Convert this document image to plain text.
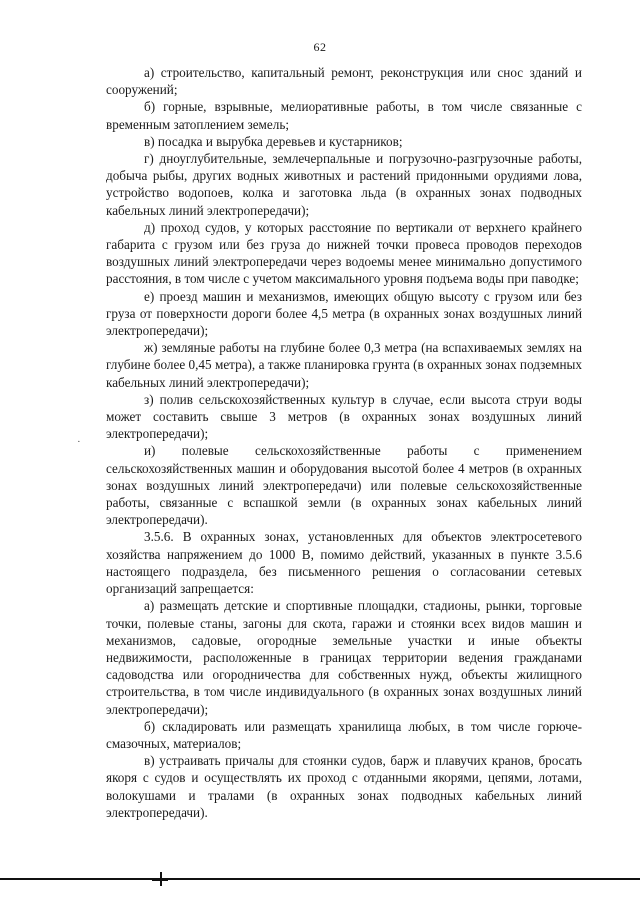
62
·

а) строительство, капитальный ремонт, реконструкция или снос зданий и сооружений;

б) горные, взрывные, мелиоративные работы, в том числе связанные с временным затоплением земель;

в) посадка и вырубка деревьев и кустарников;

г) дноуглубительные, землечерпальные и погрузочно-разгрузочные работы, добыча рыбы, других водных животных и растений придонными орудиями лова, устройство водопоев, колка и заготовка льда (в охранных зонах подводных кабельных линий электропередачи);

д) проход судов, у которых расстояние по вертикали от верхнего крайнего габарита с грузом или без груза до нижней точки провеса проводов переходов воздушных линий электропередачи через водоемы менее минимально допустимого расстояния, в том числе с учетом максимального уровня подъема воды при паводке;

е) проезд машин и механизмов, имеющих общую высоту с грузом или без груза от поверхности дороги более 4,5 метра (в охранных зонах воздушных линий электропередачи);

ж) земляные работы на глубине более 0,3 метра (на вспахиваемых землях на глубине более 0,45 метра), а также планировка грунта (в охранных зонах подземных кабельных линий электропередачи);

з) полив сельскохозяйственных культур в случае, если высота струи воды может составить свыше 3 метров (в охранных зонах воздушных линий электропередачи);

и) полевые сельскохозяйственные работы с применением сельскохозяйственных машин и оборудования высотой более 4 метров (в охранных зонах воздушных линий электропередачи) или полевые сельскохозяйственные работы, связанные с вспашкой земли (в охранных зонах кабельных линий электропередачи).

3.5.6. В охранных зонах, установленных для объектов электросетевого хозяйства напряжением до 1000 В, помимо действий, указанных в пункте 3.5.6 настоящего подраздела, без письменного решения о согласовании сетевых организаций запрещается:

а) размещать детские и спортивные площадки, стадионы, рынки, торговые точки, полевые станы, загоны для скота, гаражи и стоянки всех видов машин и механизмов, садовые, огородные земельные участки и иные объекты недвижимости, расположенные в границах территории ведения гражданами садоводства или огородничества для собственных нужд, объекты жилищного строительства, в том числе индивидуального (в охранных зонах воздушных линий электропередачи);

б) складировать или размещать хранилища любых, в том числе горюче-смазочных, материалов;

в) устраивать причалы для стоянки судов, барж и плавучих кранов, бросать якоря с судов и осуществлять их проход с отданными якорями, цепями, лотами, волокушами и тралами (в охранных зонах подводных кабельных линий электропередачи).
